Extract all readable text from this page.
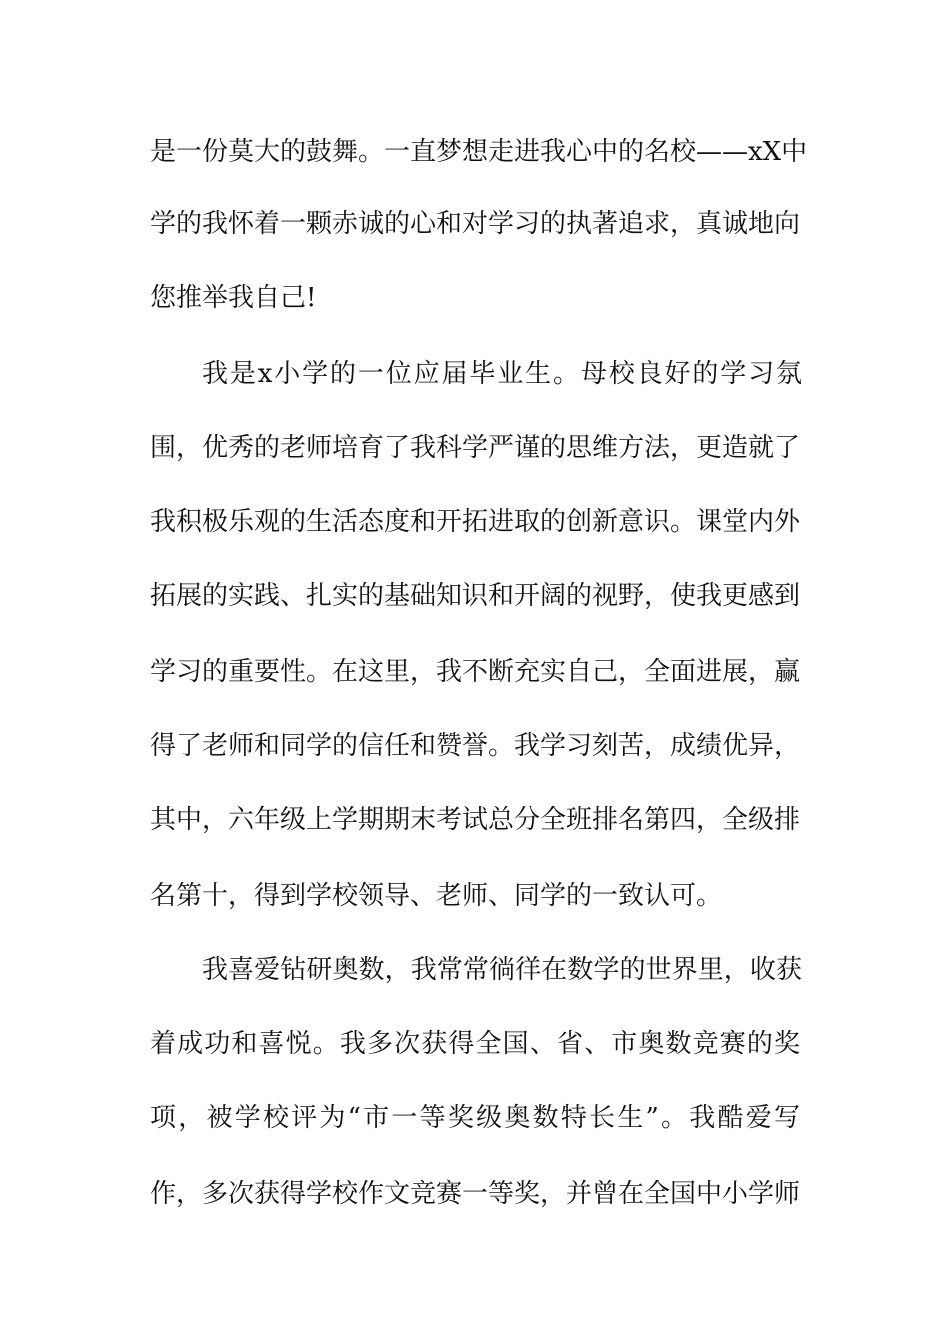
是一份莫大的鼓舞。一直梦想走进我心中的名校——xX中
学的我怀着一颗赤诚的心和对学习的执著追求，真诚地向
您推举我自己!
我是x小学的一位应届毕业生。母校良好的学习氛
围，优秀的老师培育了我科学严谨的思维方法，更造就了
我积极乐观的生活态度和开拓进取的创新意识。课堂内外
拓展的实践、扎实的基础知识和开阔的视野，使我更感到
学习的重要性。在这里，我不断充实自己，全面进展，赢
得了老师和同学的信任和赞誉。我学习刻苦，成绩优异，
其中，六年级上学期期末考试总分全班排名第四，全级排
名第十，得到学校领导、老师、同学的一致认可。
我喜爱钻研奥数，我常常徜徉在数学的世界里，收获
着成功和喜悦。我多次获得全国、省、市奥数竞赛的奖
项，被学校评为“市一等奖级奥数特长生”。我酷爱写
作，多次获得学校作文竞赛一等奖，并曾在全国中小学师
